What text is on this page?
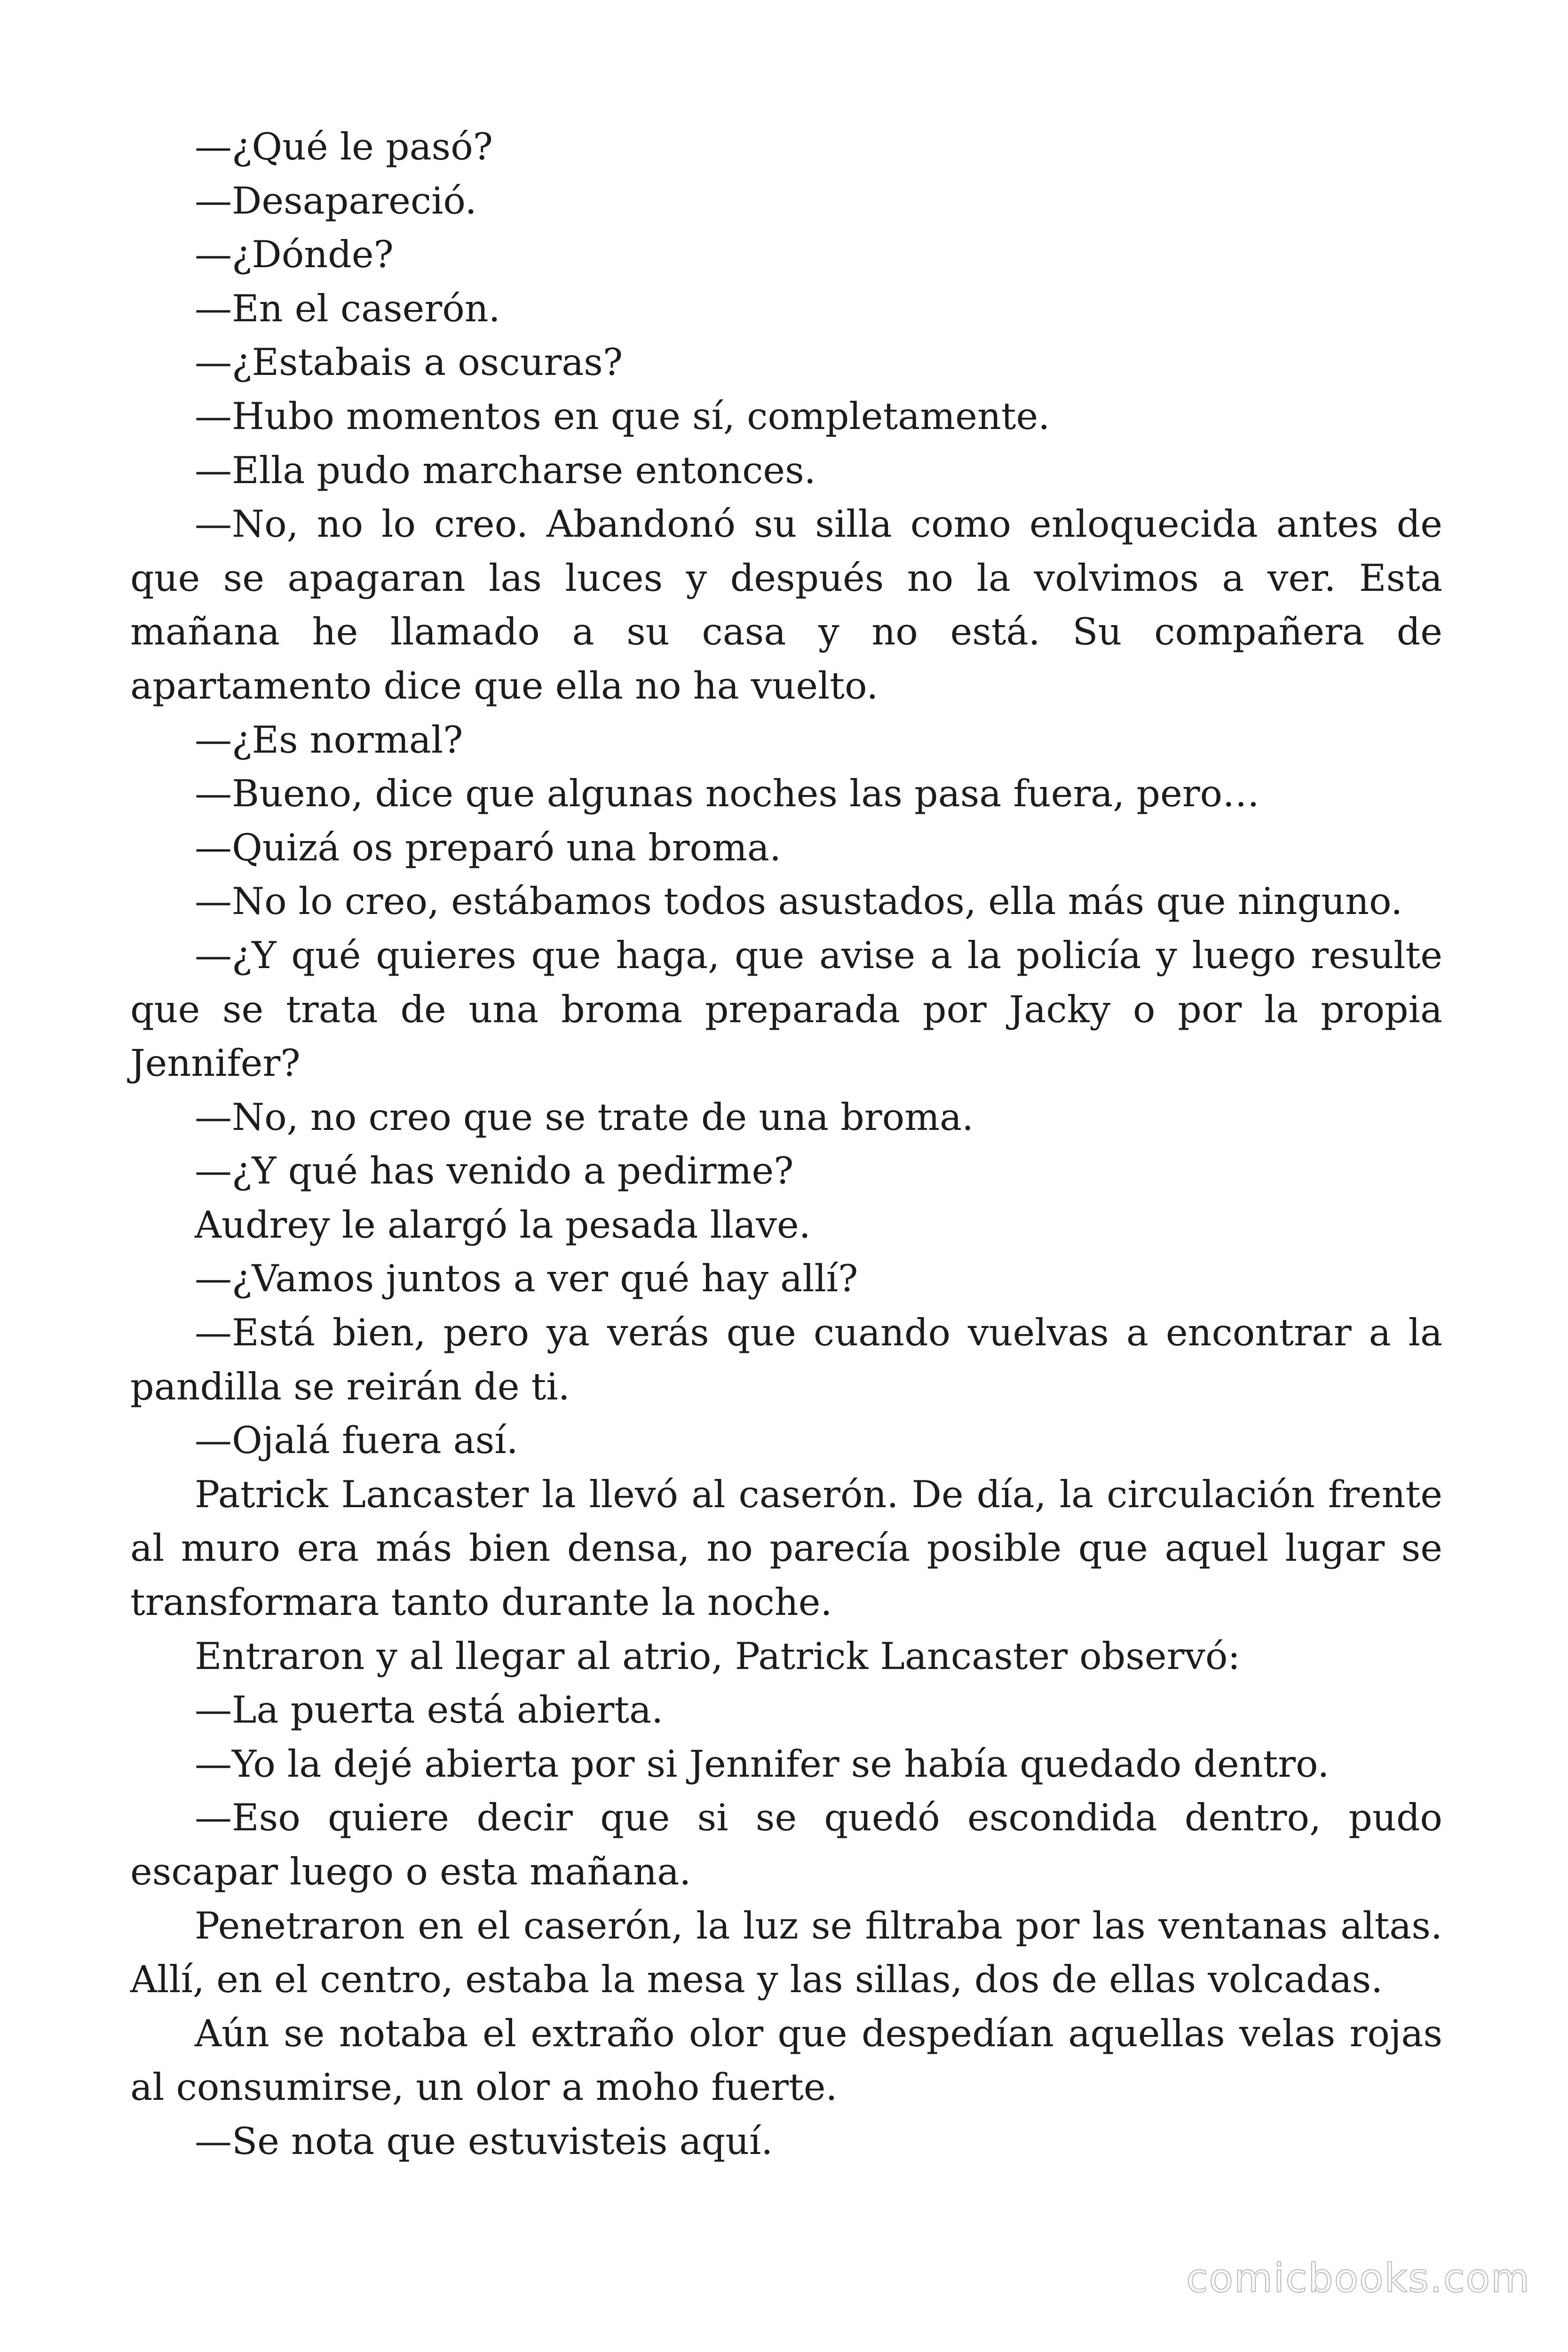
—¿Qué le pasó?

—Desapareció.

—¿Dónde?

—En el caserón.

—¿Estabais a oscuras?

—Hubo momentos en que sí, completamente.

—Ella pudo marcharse entonces.

—No, no lo creo. Abandonó su silla como enloquecida antes de que se apagaran las luces y después no la volvimos a ver. Esta mañana he llamado a su casa y no está. Su compañera de apartamento dice que ella no ha vuelto.

—¿Es normal?

—Bueno, dice que algunas noches las pasa fuera, pero…

—Quizá os preparó una broma.

—No lo creo, estábamos todos asustados, ella más que ninguno.

—¿Y qué quieres que haga, que avise a la policía y luego resulte que se trata de una broma preparada por Jacky o por la propia Jennifer?

—No, no creo que se trate de una broma.

—¿Y qué has venido a pedirme?

Audrey le alargó la pesada llave.

—¿Vamos juntos a ver qué hay allí?

—Está bien, pero ya verás que cuando vuelvas a encontrar a la pandilla se reirán de ti.

—Ojalá fuera así.

Patrick Lancaster la llevó al caserón. De día, la circulación frente al muro era más bien densa, no parecía posible que aquel lugar se transformara tanto durante la noche.

Entraron y al llegar al atrio, Patrick Lancaster observó:

—La puerta está abierta.

—Yo la dejé abierta por si Jennifer se había quedado dentro.

—Eso quiere decir que si se quedó escondida dentro, pudo escapar luego o esta mañana.

Penetraron en el caserón, la luz se filtraba por las ventanas altas. Allí, en el centro, estaba la mesa y las sillas, dos de ellas volcadas.

Aún se notaba el extraño olor que despedían aquellas velas rojas al consumirse, un olor a moho fuerte.

—Se nota que estuvisteis aquí.

comicbooks.com
